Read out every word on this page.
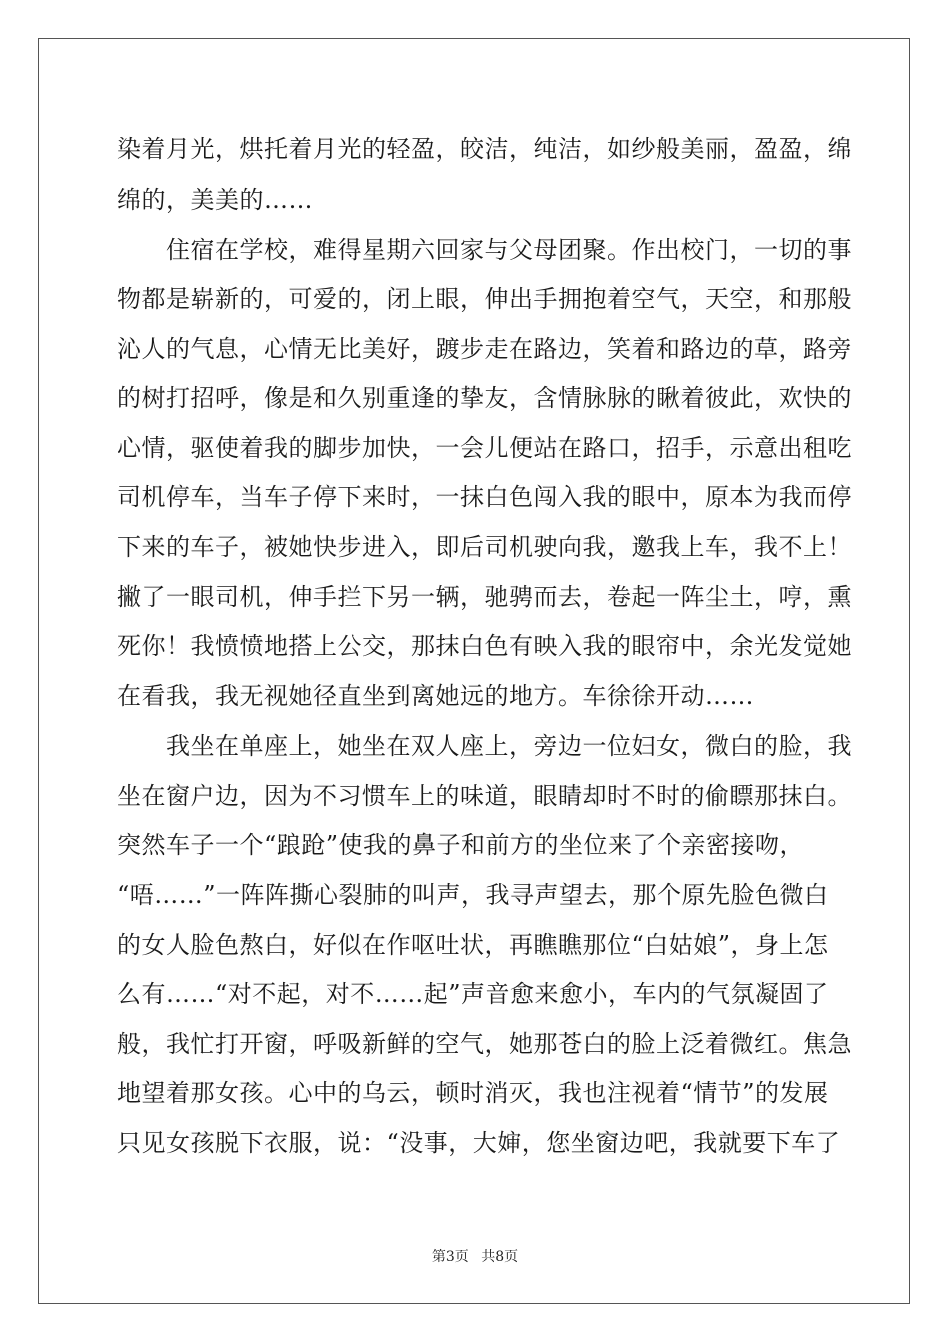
染着月光，烘托着月光的轻盈，皎洁，纯洁，如纱般美丽，盈盈，绵
绵的，美美的……
　　住宿在学校，难得星期六回家与父母团聚。作出校门，一切的事
物都是崭新的，可爱的，闭上眼，伸出手拥抱着空气，天空，和那般
沁人的气息，心情无比美好，踱步走在路边，笑着和路边的草，路旁
的树打招呼，像是和久别重逢的挚友，含情脉脉的瞅着彼此，欢快的
心情，驱使着我的脚步加快，一会儿便站在路口，招手，示意出租吃
司机停车，当车子停下来时，一抹白色闯入我的眼中，原本为我而停
下来的车子，被她快步进入，即后司机驶向我，邀我上车，我不上！
撇了一眼司机，伸手拦下另一辆，驰骋而去，卷起一阵尘土，哼，熏
死你！我愤愤地搭上公交，那抹白色有映入我的眼帘中，余光发觉她
在看我，我无视她径直坐到离她远的地方。车徐徐开动……
　　我坐在单座上，她坐在双人座上，旁边一位妇女，微白的脸，我
坐在窗户边，因为不习惯车上的味道，眼睛却时不时的偷瞟那抹白。
突然车子一个“踉跄”使我的鼻子和前方的坐位来了个亲密接吻，
“唔……”一阵阵撕心裂肺的叫声，我寻声望去，那个原先脸色微白
的女人脸色熬白，好似在作呕吐状，再瞧瞧那位“白姑娘”，身上怎
么有……“对不起，对不……起”声音愈来愈小，车内的气氛凝固了
般，我忙打开窗，呼吸新鲜的空气，她那苍白的脸上泛着微红。焦急
地望着那女孩。心中的乌云，顿时消灭，我也注视着“情节”的发展
只见女孩脱下衣服，说：“没事，大婶，您坐窗边吧，我就要下车了
第3页 共8页
